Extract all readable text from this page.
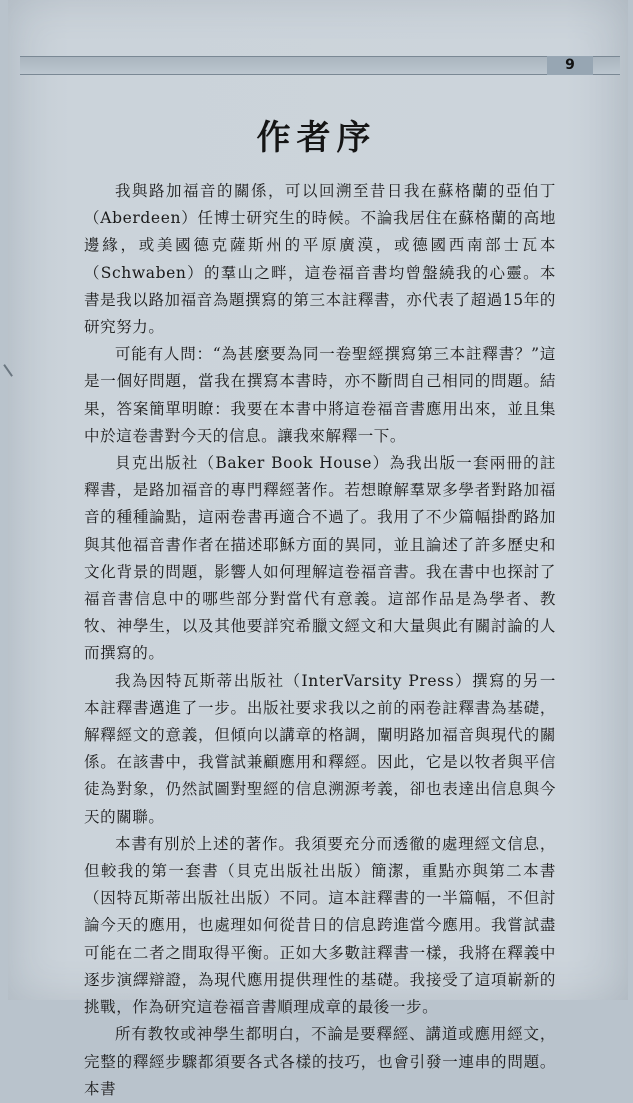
9
作者序

我與路加福音的關係，可以回溯至昔日我在蘇格蘭的亞伯丁（Aberdeen）任博士研究生的時候。不論我居住在蘇格蘭的高地邊緣，或美國德克薩斯州的平原廣漠，或德國西南部士瓦本（Schwaben）的羣山之畔，這卷福音書均曾盤繞我的心靈。本書是我以路加福音為題撰寫的第三本註釋書，亦代表了超過15年的研究努力。

可能有人問：“為甚麼要為同一卷聖經撰寫第三本註釋書？”這是一個好問題，當我在撰寫本書時，亦不斷問自己相同的問題。結果，答案簡單明瞭：我要在本書中將這卷福音書應用出來，並且集中於這卷書對今天的信息。讓我來解釋一下。

貝克出版社（Baker Book House）為我出版一套兩冊的註釋書，是路加福音的專門釋經著作。若想瞭解羣眾多學者對路加福音的種種論點，這兩卷書再適合不過了。我用了不少篇幅掛酌路加與其他福音書作者在描述耶穌方面的異同，並且論述了許多歷史和文化背景的問題，影響人如何理解這卷福音書。我在書中也探討了福音書信息中的哪些部分對當代有意義。這部作品是為學者、教牧、神學生，以及其他要詳究希臘文經文和大量與此有關討論的人而撰寫的。

我為因特瓦斯蒂出版社（InterVarsity Press）撰寫的另一本註釋書邁進了一步。出版社要求我以之前的兩卷註釋書為基礎，解釋經文的意義，但傾向以講章的格調，闡明路加福音與現代的關係。在該書中，我嘗試兼顧應用和釋經。因此，它是以牧者與平信徒為對象，仍然試圖對聖經的信息溯源考義，卻也表達出信息與今天的關聯。

本書有別於上述的著作。我須要充分而透徹的處理經文信息，但較我的第一套書（貝克出版社出版）簡潔，重點亦與第二本書（因特瓦斯蒂出版社出版）不同。這本註釋書的一半篇幅，不但討論今天的應用，也處理如何從昔日的信息跨進當今應用。我嘗試盡可能在二者之間取得平衡。正如大多數註釋書一樣，我將在釋義中逐步演繹辯證，為現代應用提供理性的基礎。我接受了這項嶄新的挑戰，作為研究這卷福音書順理成章的最後一步。

所有教牧或神學生都明白，不論是要釋經、講道或應用經文，完整的釋經步驟都須要各式各樣的技巧，也會引發一連串的問題。本書
